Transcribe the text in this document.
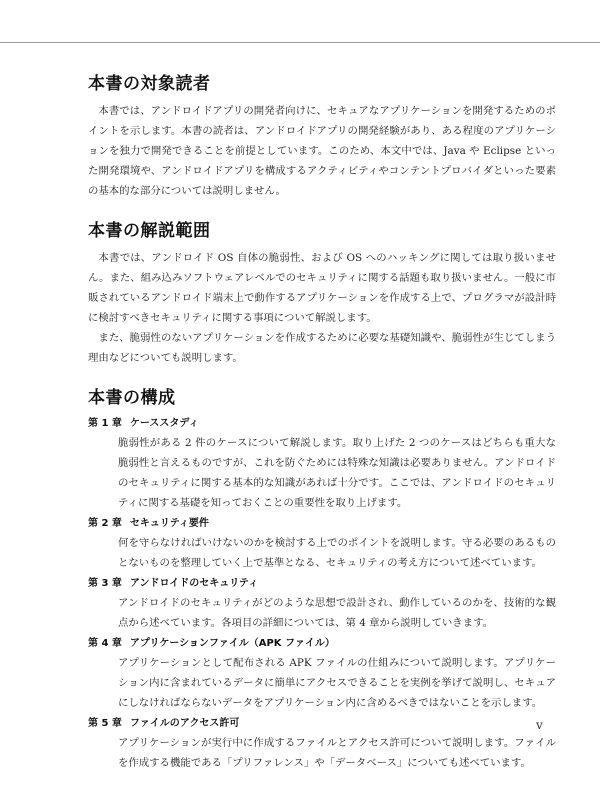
本書の対象読者

本書では、アンドロイドアプリの開発者向けに、セキュアなアプリケーションを開発するためのポイントを示します。本書の読者は、アンドロイドアプリの開発経験があり、ある程度のアプリケーションを独力で開発できることを前提としています。このため、本文中では、Java や Eclipse といった開発環境や、アンドロイドアプリを構成するアクティビティやコンテントプロバイダといった要素の基本的な部分については説明しません。

本書の解説範囲

本書では、アンドロイド OS 自体の脆弱性、および OS へのハッキングに関しては取り扱いません。また、組み込みソフトウェアレベルでのセキュリティに関する話題も取り扱いません。一般に市販されているアンドロイド端末上で動作するアプリケーションを作成する上で、プログラマが設計時に検討すべきセキュリティに関する事項について解説します。

また、脆弱性のないアプリケーションを作成するために必要な基礎知識や、脆弱性が生じてしまう理由などについても説明します。

本書の構成

第 1 章 ケーススタディ

脆弱性がある 2 件のケースについて解説します。取り上げた 2 つのケースはどちらも重大な脆弱性と言えるものですが、これを防ぐためには特殊な知識は必要ありません。アンドロイドのセキュリティに関する基本的な知識があれば十分です。ここでは、アンドロイドのセキュリティに関する基礎を知っておくことの重要性を取り上げます。

第 2 章 セキュリティ要件

何を守らなければいけないのかを検討する上でのポイントを説明します。守る必要のあるものとないものを整理していく上で基準となる、セキュリティの考え方について述べています。

第 3 章 アンドロイドのセキュリティ

アンドロイドのセキュリティがどのような思想で設計され、動作しているのかを、技術的な観点から述べています。各項目の詳細については、第 4 章から説明していきます。

第 4 章 アプリケーションファイル（APK ファイル）

アプリケーションとして配布される APK ファイルの仕組みについて説明します。アプリケーション内に含まれているデータに簡単にアクセスできることを実例を挙げて説明し、セキュアにしなければならないデータをアプリケーション内に含めるべきではないことを示します。

第 5 章 ファイルのアクセス許可

アプリケーションが実行中に作成するファイルとアクセス許可について説明します。ファイルを作成する機能である「プリファレンス」や「データベース」についても述べています。

v
